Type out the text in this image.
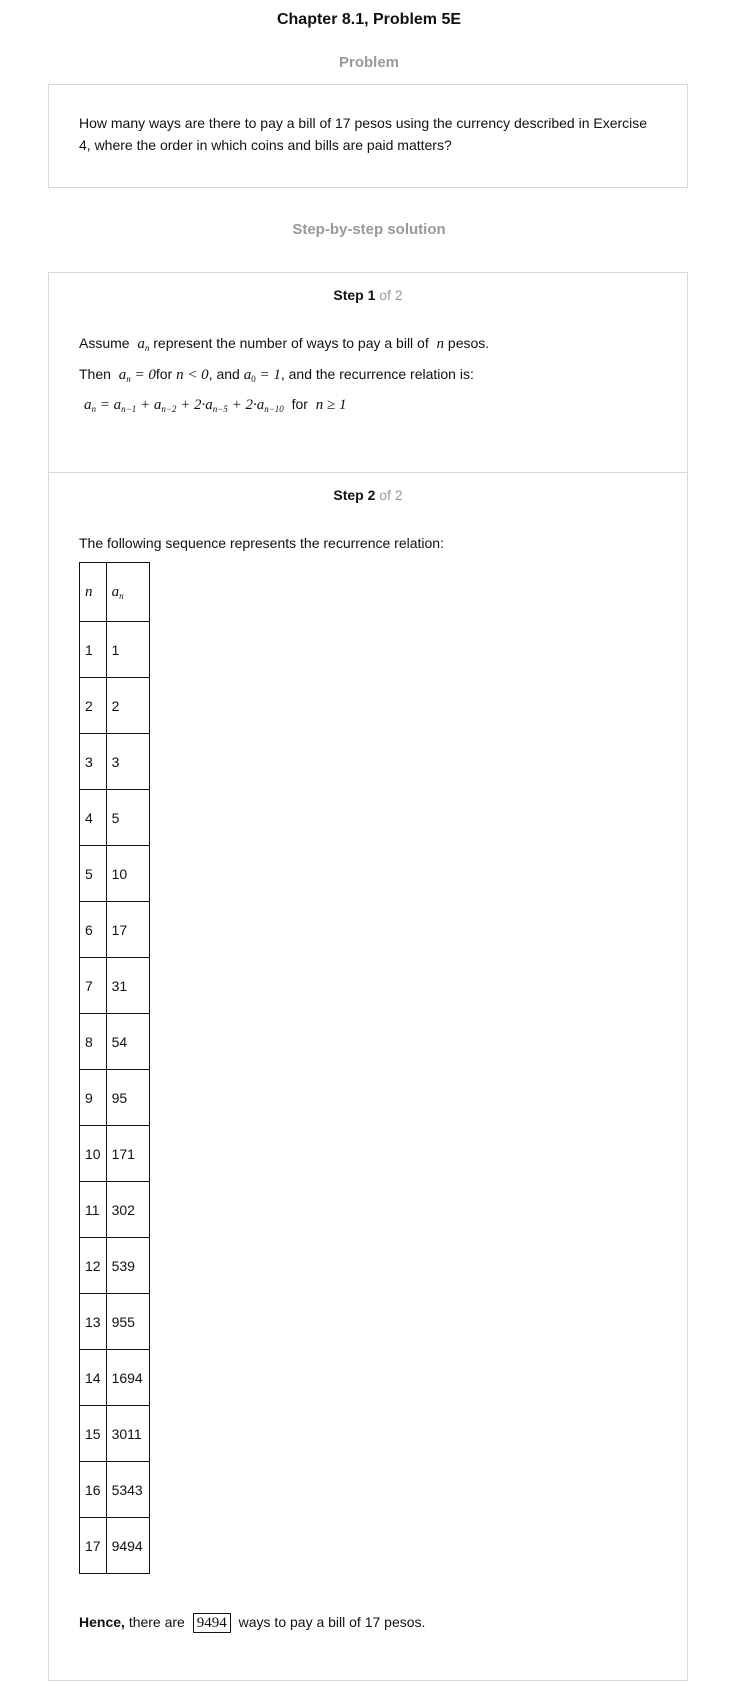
Chapter 8.1, Problem 5E
Problem
How many ways are there to pay a bill of 17 pesos using the currency described in Exercise 4, where the order in which coins and bills are paid matters?
Step-by-step solution
Step 1 of 2
Assume $a_n$ represent the number of ways to pay a bill of n pesos.
Then $a_n = 0for$ n < 0, and $a_0 = 1$, and the recurrence relation is:
$a_n = a_{n-1} + a_{n-2} + 2\cdot a_{n-5} + 2\cdot a_{n-10}$ for n ≥ 1
Step 2 of 2
The following sequence represents the recurrence relation:
n	$a_n$
1	1
2	2
3	3
4	5
5	10
6	17
7	31
8	54
9	95
10	171
11	302
12	539
13	955
14	1694
15	3011
16	5343
17	9494
Hence, there are 9494 ways to pay a bill of 17 pesos.
